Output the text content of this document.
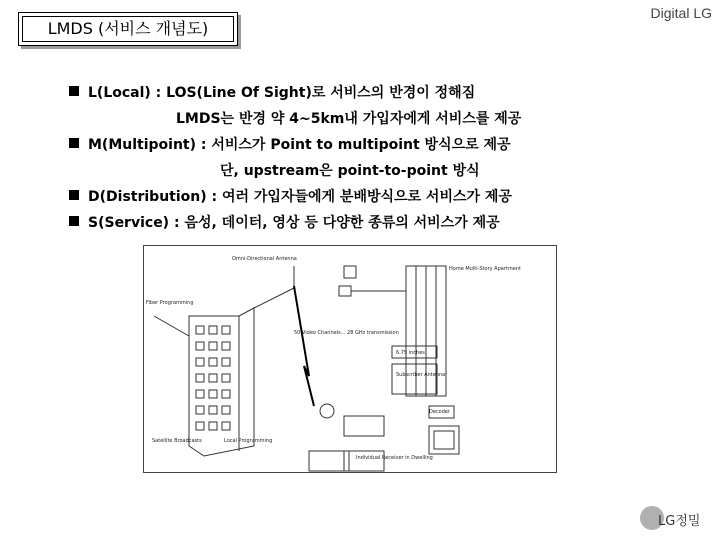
LMDS (서비스 개념도)
Digital LG
L(Local) : LOS(Line Of Sight)로 서비스의 반경이 정해짐
LMDS는 반경 약 4~5km내 가입자에게 서비스를 제공
M(Multipoint) : 서비스가 Point to multipoint 방식으로 제공
단, upstream은 point-to-point 방식
D(Distribution) : 여러 가입자들에게 분배방식으로 서비스가 제공
S(Service) : 음성, 데이터, 영상 등 다양한 종류의 서비스가 제공
Omni-Directional Antenna
Home Multi-Story Apartment
Fiber Programming
50 Video Channels... 28 GHz transmission
6.75 inches
Subscriber Antenna
Decoder
Satellite Broadcasts	Local Programming
Individual Receiver in Dwelling
LG정밀
